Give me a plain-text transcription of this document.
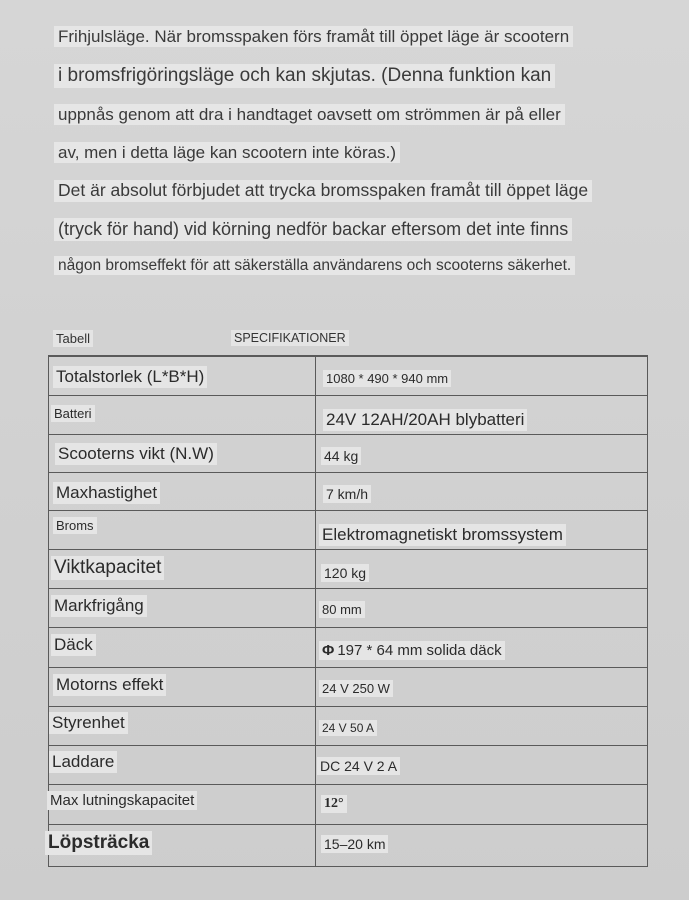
Frihjulsläge. När bromsspaken förs framåt till öppet läge är scootern
i bromsfrigöringsläge och kan skjutas. (Denna funktion kan
uppnås genom att dra i handtaget oavsett om strömmen är på eller
av, men i detta läge kan scootern inte köras.)
Det är absolut förbjudet att trycka bromsspaken framåt till öppet läge
(tryck för hand) vid körning nedför backar eftersom det inte finns
någon bromseffekt för att säkerställa användarens och scooterns säkerhet.
Tabell	SPECIFIKATIONER
Totalstorlek (L*B*H)	1080 * 490 * 940 mm
Batteri	24V 12AH/20AH blybatteri
Scooterns vikt (N.W)	44 kg
Maxhastighet	7 km/h
Broms	Elektromagnetiskt bromssystem
Viktkapacitet	120 kg
Markfrigång	80 mm
Däck	Φ 197 * 64 mm solida däck
Motorns effekt	24 V 250 W
Styrenhet	24 V 50 A
Laddare	DC 24 V 2 A
Max lutningskapacitet	12°
Löpsträcka	15–20 km
